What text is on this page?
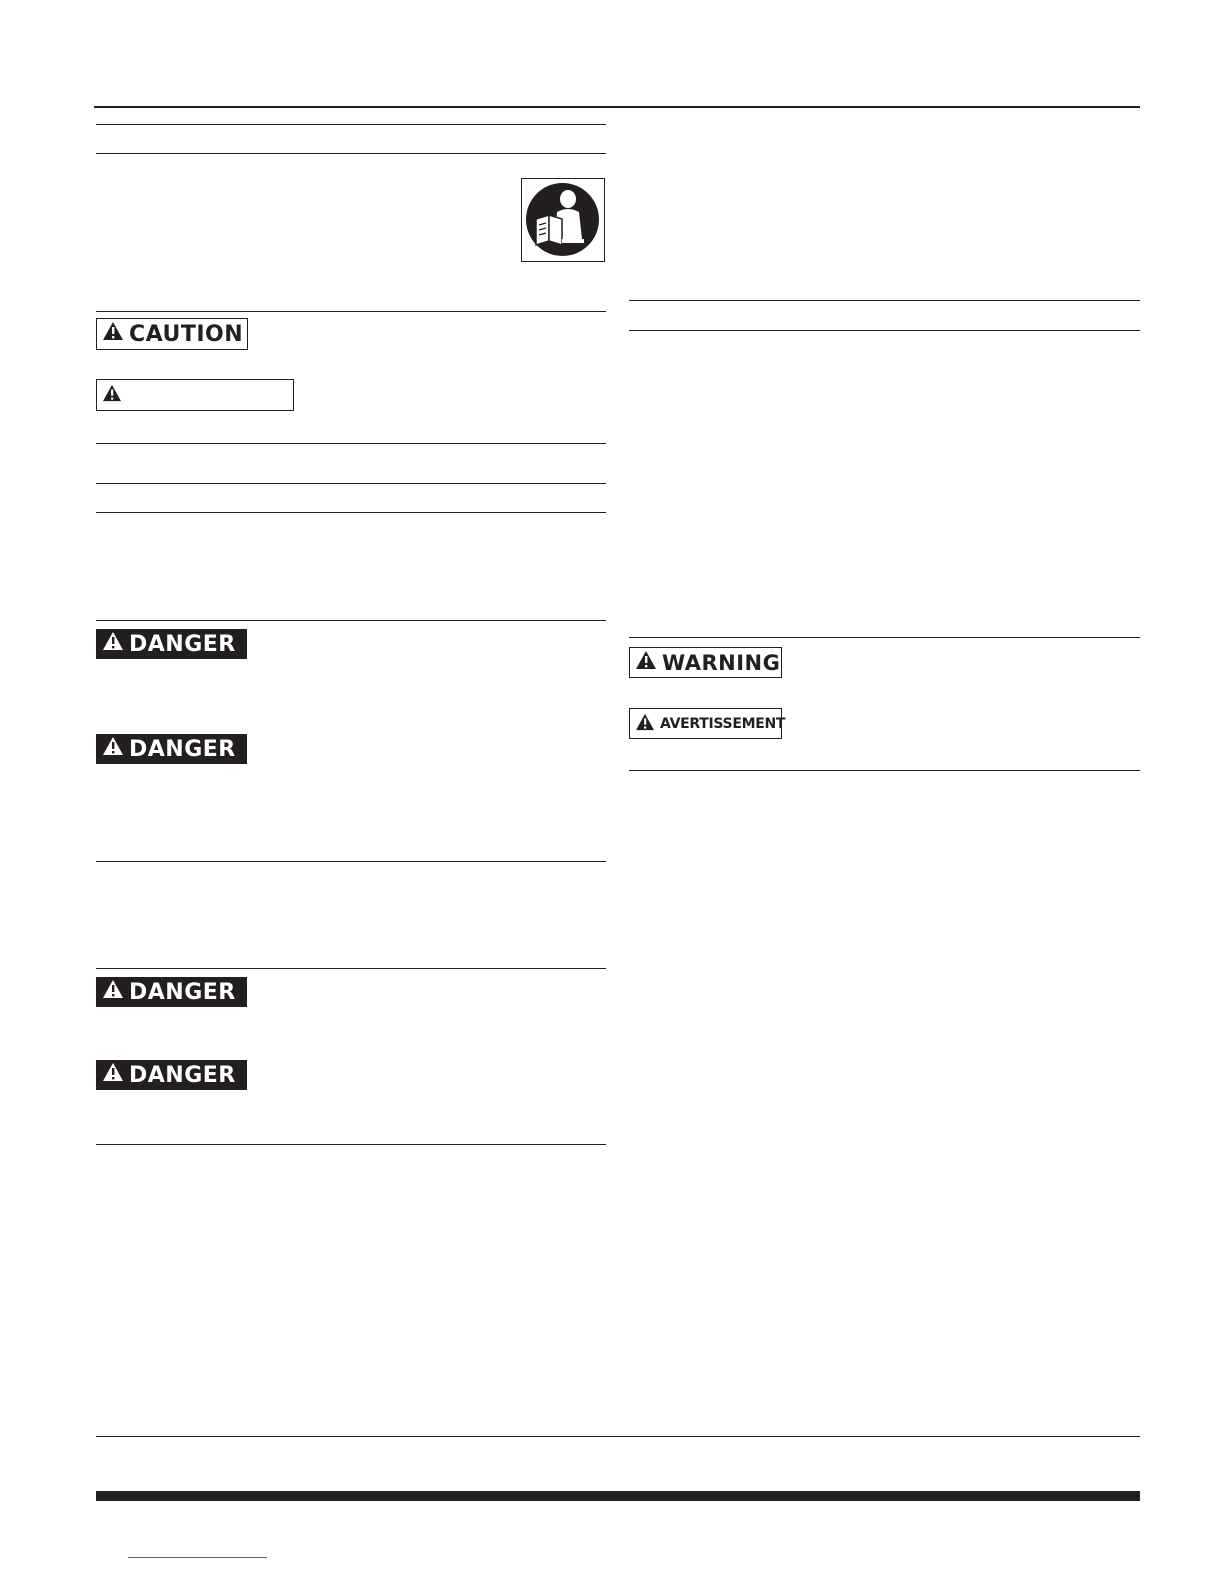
CAUTION
DANGER
DANGER
DANGER
DANGER
WARNING
AVERTISSEMENT
